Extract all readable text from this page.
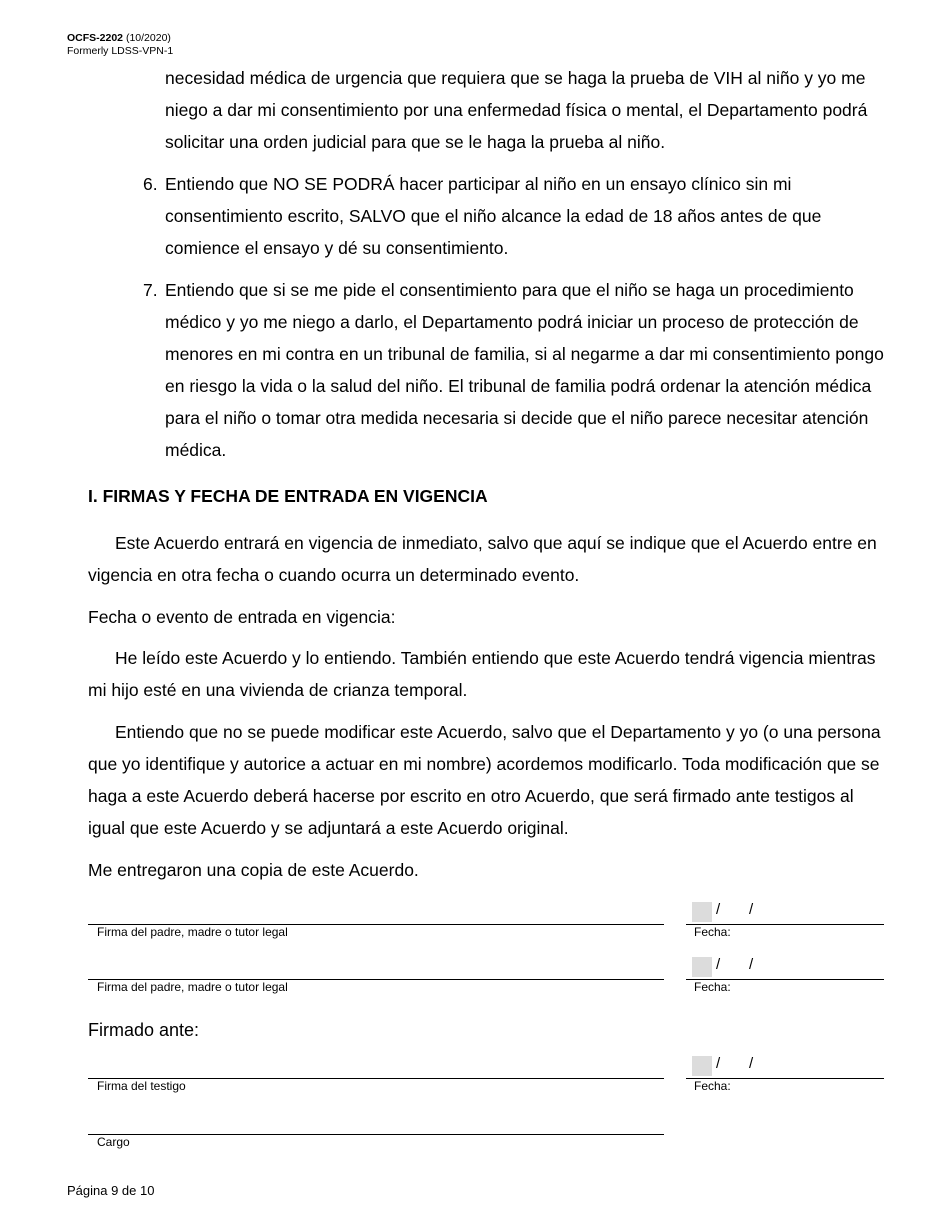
OCFS-2202 (10/2020)
Formerly LDSS-VPN-1
necesidad médica de urgencia que requiera que se haga la prueba de VIH al niño y yo me niego a dar mi consentimiento por una enfermedad física o mental, el Departamento podrá solicitar una orden judicial para que se le haga la prueba al niño.
6. Entiendo que NO SE PODRÁ hacer participar al niño en un ensayo clínico sin mi consentimiento escrito, SALVO que el niño alcance la edad de 18 años antes de que comience el ensayo y dé su consentimiento.
7. Entiendo que si se me pide el consentimiento para que el niño se haga un procedimiento médico y yo me niego a darlo, el Departamento podrá iniciar un proceso de protección de menores en mi contra en un tribunal de familia, si al negarme a dar mi consentimiento pongo en riesgo la vida o la salud del niño. El tribunal de familia podrá ordenar la atención médica para el niño o tomar otra medida necesaria si decide que el niño parece necesitar atención médica.
I. FIRMAS Y FECHA DE ENTRADA EN VIGENCIA
Este Acuerdo entrará en vigencia de inmediato, salvo que aquí se indique que el Acuerdo entre en vigencia en otra fecha o cuando ocurra un determinado evento.
Fecha o evento de entrada en vigencia:
He leído este Acuerdo y lo entiendo. También entiendo que este Acuerdo tendrá vigencia mientras mi hijo esté en una vivienda de crianza temporal.
Entiendo que no se puede modificar este Acuerdo, salvo que el Departamento y yo (o una persona que yo identifique y autorice a actuar en mi nombre) acordemos modificarlo. Toda modificación que se haga a este Acuerdo deberá hacerse por escrito en otro Acuerdo, que será firmado ante testigos al igual que este Acuerdo y se adjuntará a este Acuerdo original.
Me entregaron una copia de este Acuerdo.
/ /
Firma del padre, madre o tutor legal	Fecha:
/ /
Firma del padre, madre o tutor legal	Fecha:
Firmado ante:
/ /
Firma del testigo	Fecha:
Cargo
Página 9 de 10
